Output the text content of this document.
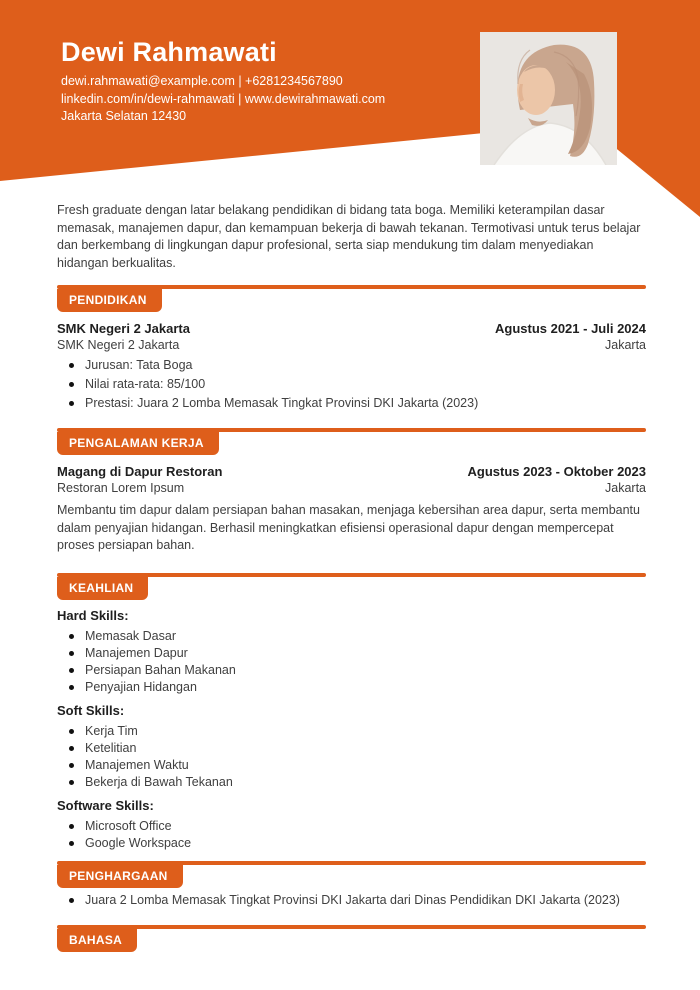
Dewi Rahmawati
dewi.rahmawati@example.com | +6281234567890
linkedin.com/in/dewi-rahmawati | www.dewirahmawati.com
Jakarta Selatan 12430

Fresh graduate dengan latar belakang pendidikan di bidang tata boga. Memiliki keterampilan dasar memasak, manajemen dapur, dan kemampuan bekerja di bawah tekanan. Termotivasi untuk terus belajar dan berkembang di lingkungan dapur profesional, serta siap mendukung tim dalam menyediakan hidangan berkualitas.

PENDIDIKAN
SMK Negeri 2 Jakarta	Agustus 2021 - Juli 2024
SMK Negeri 2 Jakarta	Jakarta
Jurusan: Tata Boga
Nilai rata-rata: 85/100
Prestasi: Juara 2 Lomba Memasak Tingkat Provinsi DKI Jakarta (2023)
PENGALAMAN KERJA
Magang di Dapur Restoran	Agustus 2023 - Oktober 2023
Restoran Lorem Ipsum	Jakarta

Membantu tim dapur dalam persiapan bahan masakan, menjaga kebersihan area dapur, serta membantu dalam penyajian hidangan. Berhasil meningkatkan efisiensi operasional dapur dengan mempercepat proses persiapan bahan.

KEAHLIAN
Hard Skills:
Memasak Dasar
Manajemen Dapur
Persiapan Bahan Makanan
Penyajian Hidangan
Soft Skills:
Kerja Tim
Ketelitian
Manajemen Waktu
Bekerja di Bawah Tekanan
Software Skills:
Microsoft Office
Google Workspace
PENGHARGAAN
Juara 2 Lomba Memasak Tingkat Provinsi DKI Jakarta dari Dinas Pendidikan DKI Jakarta (2023)
BAHASA
